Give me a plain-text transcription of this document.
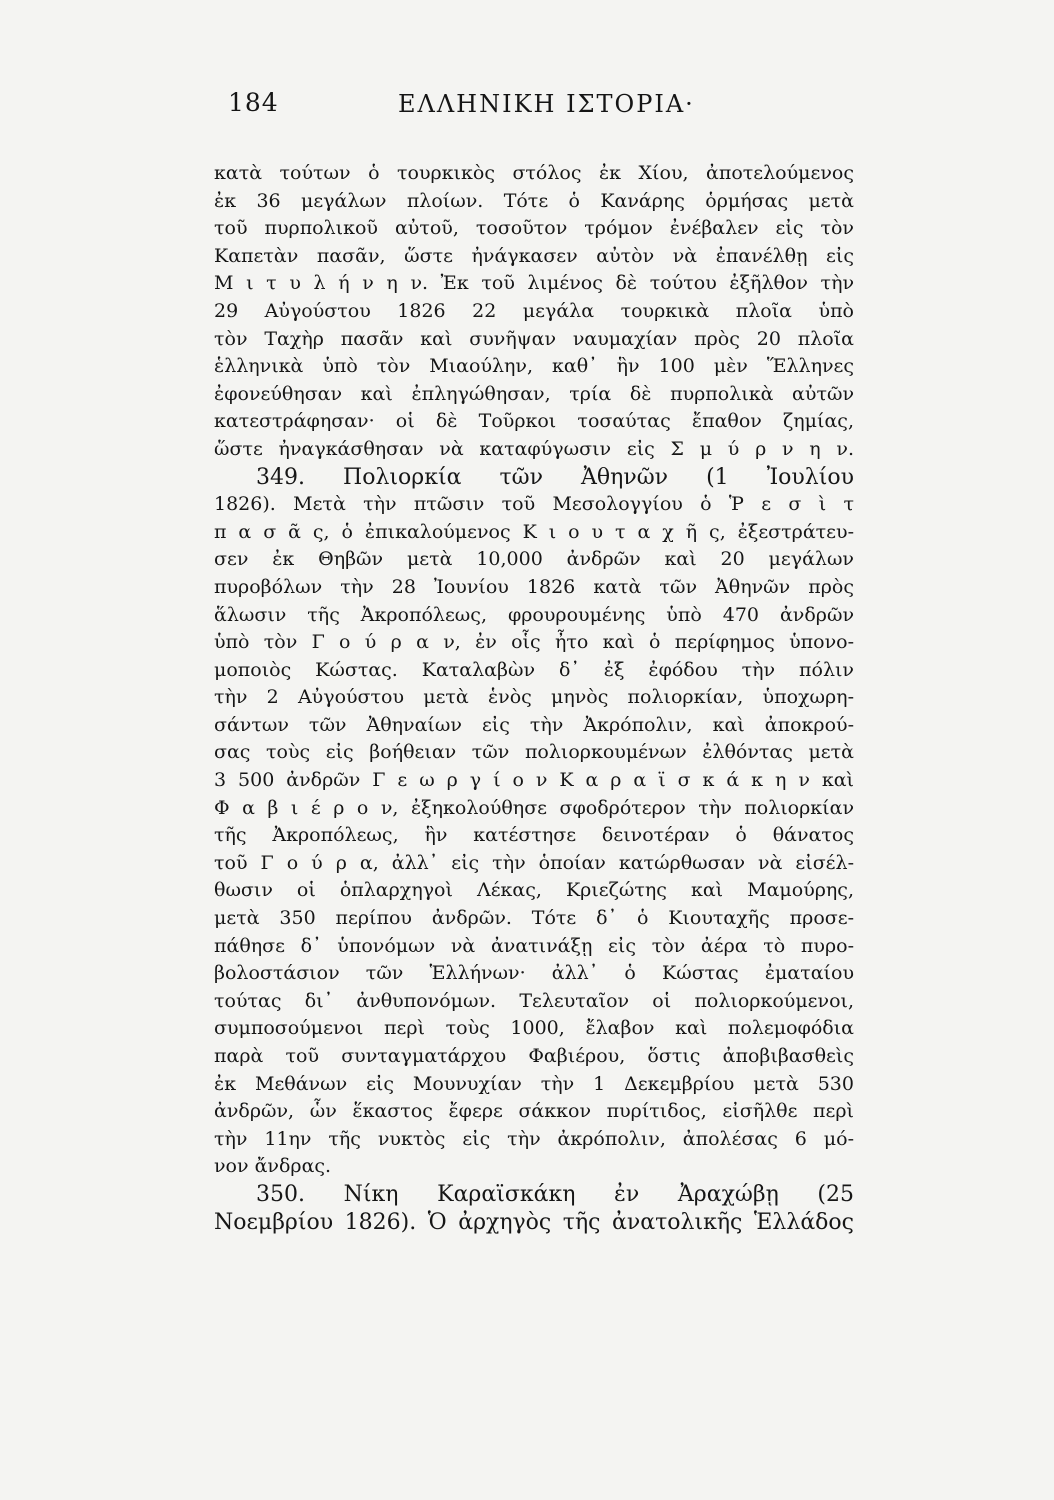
184	ΕΛΛΗΝΙΚΗ ΙΣΤΟΡΙΑ·
κατὰ τούτων ὁ τουρκικὸς στόλος ἐκ Χίου, ἀποτελούμενος
ἐκ 36 μεγάλων πλοίων. Τότε ὁ Κανάρης ὁρμήσας μετὰ
τοῦ πυρπολικοῦ αὐτοῦ, τοσοῦτον τρόμον ἐνέβαλεν εἰς τὸν
Καπετὰν πασᾶν, ὥστε ἠνάγκασεν αὐτὸν νὰ ἐπανέλθῃ εἰς
Μ ι τ υ λ ή ν η ν. Ἐκ τοῦ λιμένος δὲ τούτου ἐξῆλθον τὴν
29 Αὐγούστου 1826 22 μεγάλα τουρκικὰ πλοῖα ὑπὸ
τὸν Ταχὴρ πασᾶν καὶ συνῆψαν ναυμαχίαν πρὸς 20 πλοῖα
ἑλληνικὰ ὑπὸ τὸν Μιαούλην, καθ᾽ ἣν 100 μὲν Ἕλληνες
ἐφονεύθησαν καὶ ἐπληγώθησαν, τρία δὲ πυρπολικὰ αὐτῶν
κατεστράφησαν· οἱ δὲ Τοῦρκοι τοσαύτας ἔπαθον ζημίας,
ὥστε ἠναγκάσθησαν νὰ καταφύγωσιν εἰς Σ μ ύ ρ ν η ν.
349. Πολιορκία τῶν Ἀθηνῶν (1 Ἰουλίου
1826). Μετὰ τὴν πτῶσιν τοῦ Μεσολογγίου ὁ Ῥ ε σ ὶ τ
π α σ ᾶ ς, ὁ ἐπικαλούμενος Κ ι ο υ τ α χ ῆ ς, ἐξεστράτευ-
σεν ἐκ Θηβῶν μετὰ 10,000 ἀνδρῶν καὶ 20 μεγάλων
πυροβόλων τὴν 28 Ἰουνίου 1826 κατὰ τῶν Ἀθηνῶν πρὸς
ἅλωσιν τῆς Ἀκροπόλεως, φρουρουμένης ὑπὸ 470 ἀνδρῶν
ὑπὸ τὸν Γ ο ύ ρ α ν, ἐν οἷς ἦτο καὶ ὁ περίφημος ὑπονο-
μοποιὸς Κώστας. Καταλαβὼν δ᾽ ἐξ ἐφόδου τὴν πόλιν
τὴν 2 Αὐγούστου μετὰ ἑνὸς μηνὸς πολιορκίαν, ὑποχωρη-
σάντων τῶν Ἀθηναίων εἰς τὴν Ἀκρόπολιν, καὶ ἀποκρού-
σας τοὺς εἰς βοήθειαν τῶν πολιορκουμένων ἐλθόντας μετὰ
3 500 ἀνδρῶν Γ ε ω ρ γ ί ο ν Κ α ρ α ϊ σ κ ά κ η ν καὶ
Φ α β ι έ ρ ο ν, ἐξηκολούθησε σφοδρότερον τὴν πολιορκίαν
τῆς Ἀκροπόλεως, ἣν κατέστησε δεινοτέραν ὁ θάνατος
τοῦ Γ ο ύ ρ α, ἀλλ᾽ εἰς τὴν ὁποίαν κατώρθωσαν νὰ εἰσέλ-
θωσιν οἱ ὁπλαρχηγοὶ Λέκας, Κριεζώτης καὶ Μαμούρης,
μετὰ 350 περίπου ἀνδρῶν. Τότε δ᾽ ὁ Κιουταχῆς προσε-
πάθησε δ᾽ ὑπονόμων νὰ ἀνατινάξῃ εἰς τὸν ἀέρα τὸ πυρο-
βολοστάσιον τῶν Ἑλλήνων· ἀλλ᾽ ὁ Κώστας ἐματαίου
τούτας δι᾽ ἀνθυπονόμων. Τελευταῖον οἱ πολιορκούμενοι,
συμποσούμενοι περὶ τοὺς 1000, ἔλαβον καὶ πολεμοφόδια
παρὰ τοῦ συνταγματάρχου Φαβιέρου, ὅστις ἀποβιβασθεὶς
ἐκ Μεθάνων εἰς Μουνυχίαν τὴν 1 Δεκεμβρίου μετὰ 530
ἀνδρῶν, ὧν ἕκαστος ἔφερε σάκκον πυρίτιδος, εἰσῆλθε περὶ
τὴν 11ην τῆς νυκτὸς εἰς τὴν ἀκρόπολιν, ἀπολέσας 6 μό-
νον ἄνδρας.
350. Νίκη Καραϊσκάκη ἐν Ἀραχώβῃ (25
Νοεμβρίου 1826). Ὁ ἀρχηγὸς τῆς ἀνατολικῆς Ἑλλάδος
